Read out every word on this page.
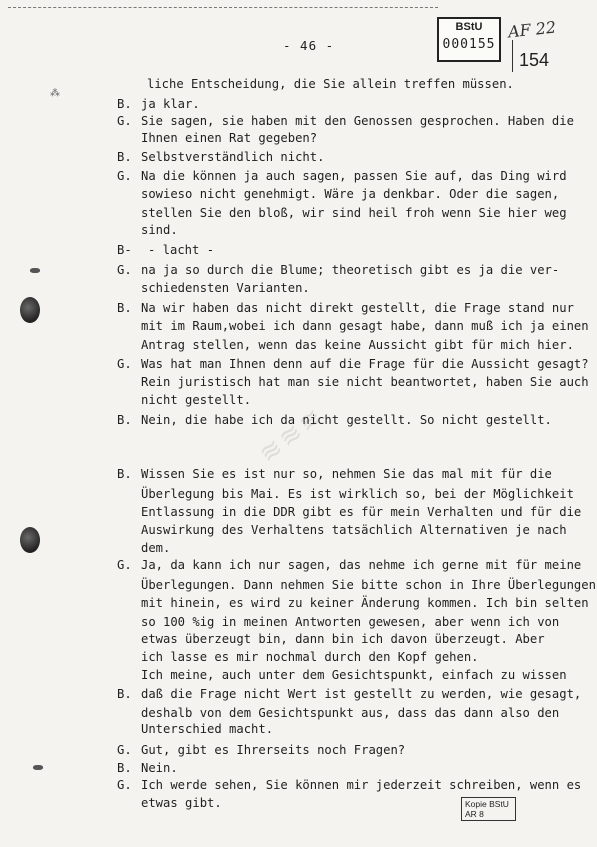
- 46 -
BStU
000155
AF 22
154
⁂
≋≋≋
liche Entscheidung, die Sie allein treffen müssen.
B. ja klar.
G. Sie sagen, sie haben mit den Genossen gesprochen. Haben die
Ihnen einen Rat gegeben?
B. Selbstverständlich nicht.
G. Na die können ja auch sagen, passen Sie auf, das Ding wird
sowieso nicht genehmigt. Wäre ja denkbar. Oder die sagen,
stellen Sie den bloß, wir sind heil froh wenn Sie hier weg
sind.
B- - lacht -
G. na ja so durch die Blume; theoretisch gibt es ja die ver-
schiedensten Varianten.
B. Na wir haben das nicht direkt gestellt, die Frage stand nur
mit im Raum,wobei ich dann gesagt habe, dann muß ich ja einen
Antrag stellen, wenn das keine Aussicht gibt für mich hier.
G. Was hat man Ihnen denn auf die Frage für die Aussicht gesagt?
Rein juristisch hat man sie nicht beantwortet, haben Sie auch
nicht gestellt.
B. Nein, die habe ich da nicht gestellt. So nicht gestellt.
B. Wissen Sie es ist nur so, nehmen Sie das mal mit für die
Überlegung bis Mai. Es ist wirklich so, bei der Möglichkeit
Entlassung in die DDR gibt es für mein Verhalten und für die
Auswirkung des Verhaltens tatsächlich Alternativen je nach
dem.
G. Ja, da kann ich nur sagen, das nehme ich gerne mit für meine
Überlegungen. Dann nehmen Sie bitte schon in Ihre Überlegungen
mit hinein, es wird zu keiner Änderung kommen. Ich bin selten
so 100 %ig in meinen Antworten gewesen, aber wenn ich von
etwas überzeugt bin, dann bin ich davon überzeugt. Aber
ich lasse es mir nochmal durch den Kopf gehen.
Ich meine, auch unter dem Gesichtspunkt, einfach zu wissen
B. daß die Frage nicht Wert ist gestellt zu werden, wie gesagt,
deshalb von dem Gesichtspunkt aus, dass das dann also den
Unterschied macht.
G. Gut, gibt es Ihrerseits noch Fragen?
B. Nein.
G. Ich werde sehen, Sie können mir jederzeit schreiben, wenn es
etwas gibt.	Kopie BStU
AR 8
